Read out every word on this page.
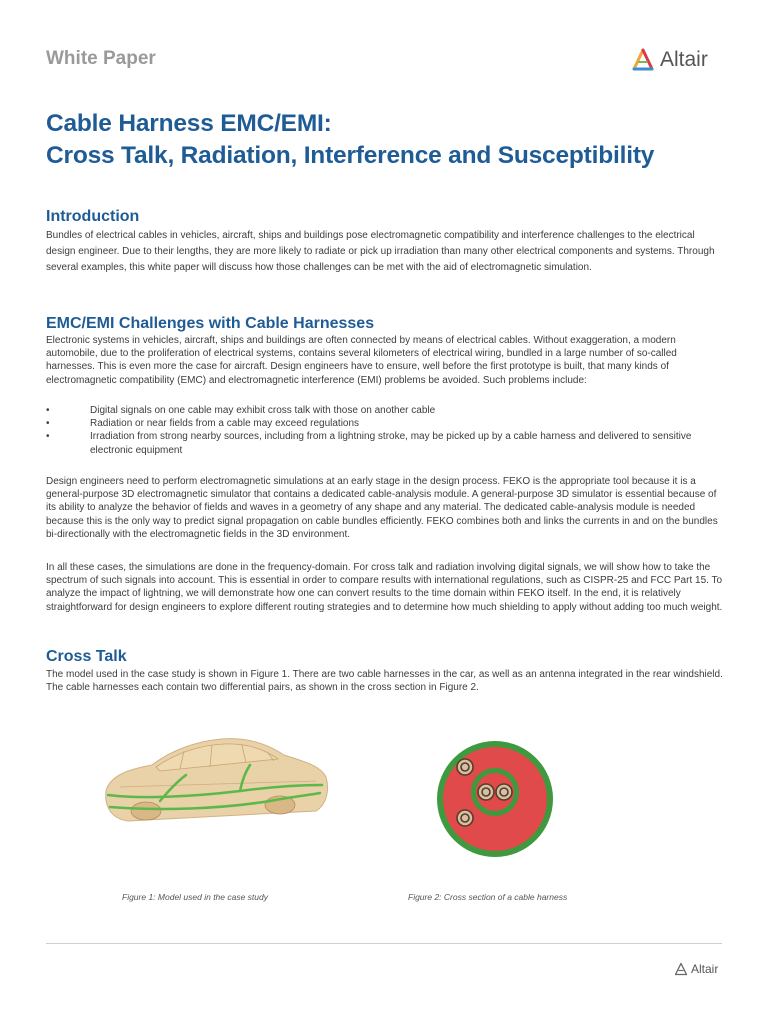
White Paper	Altair
Cable Harness EMC/EMI:
Cross Talk, Radiation, Interference and Susceptibility
Introduction

Bundles of electrical cables in vehicles, aircraft, ships and buildings pose electromagnetic compatibility and interference challenges to the electrical design engineer. Due to their lengths, they are more likely to radiate or pick up irradiation than many other electrical components and systems. Through several examples, this white paper will discuss how those challenges can be met with the aid of electromagnetic simulation.

EMC/EMI Challenges with Cable Harnesses

Electronic systems in vehicles, aircraft, ships and buildings are often connected by means of electrical cables. Without exaggeration, a modern automobile, due to the proliferation of electrical systems, contains several kilometers of electrical wiring, bundled in a large number of so-called harnesses. This is even more the case for aircraft. Design engineers have to ensure, well before the first prototype is built, that many kinds of electromagnetic compatibility (EMC) and electromagnetic interference (EMI) problems be avoided. Such problems include:

•	Digital signals on one cable may exhibit cross talk with those on another cable
•	Radiation or near fields from a cable may exceed regulations
•	Irradiation from strong nearby sources, including from a lightning stroke, may be picked up by a cable harness and delivered to sensitive electronic equipment

Design engineers need to perform electromagnetic simulations at an early stage in the design process. FEKO is the appropriate tool because it is a general-purpose 3D electromagnetic simulator that contains a dedicated cable-analysis module. A general-purpose 3D simulator is essential because of its ability to analyze the behavior of fields and waves in a geometry of any shape and any material. The dedicated cable-analysis module is needed because this is the only way to predict signal propagation on cable bundles efficiently. FEKO combines both and links the currents in and on the bundles bi-directionally with the electromagnetic fields in the 3D environment.

In all these cases, the simulations are done in the frequency-domain. For cross talk and radiation involving digital signals, we will show how to take the spectrum of such signals into account. This is essential in order to compare results with international regulations, such as CISPR-25 and FCC Part 15. To analyze the impact of lightning, we will demonstrate how one can convert results to the time domain within FEKO itself. In the end, it is relatively straightforward for design engineers to explore different routing strategies and to determine how much shielding to apply without adding too much weight.

Cross Talk

The model used in the case study is shown in Figure 1. There are two cable harnesses in the car, as well as an antenna integrated in the rear windshield. The cable harnesses each contain two differential pairs, as shown in the cross section in Figure 2.

Figure 1: Model used in the case study	Figure 2: Cross section of a cable harness
Altair
